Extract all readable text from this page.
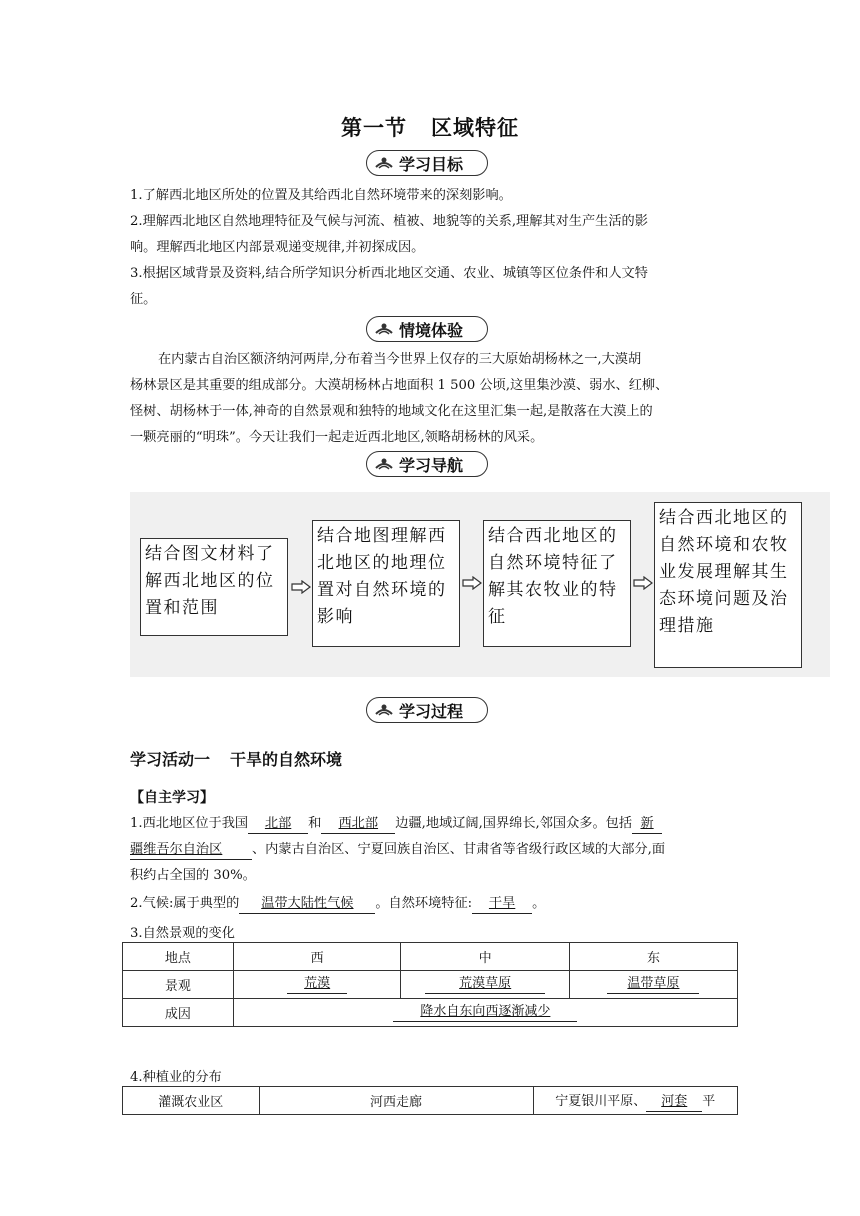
第一节 区域特征
学习目标
1.了解西北地区所处的位置及其给西北自然环境带来的深刻影响。
2.理解西北地区自然地理特征及气候与河流、植被、地貌等的关系,理解其对生产生活的影
响。理解西北地区内部景观递变规律,并初探成因。
3.根据区域背景及资料,结合所学知识分析西北地区交通、农业、城镇等区位条件和人文特
征。
情境体验
在内蒙古自治区额济纳河两岸,分布着当今世界上仅存的三大原始胡杨林之一,大漠胡
杨林景区是其重要的组成部分。大漠胡杨林占地面积 1 500 公顷,这里集沙漠、弱水、红柳、
怪树、胡杨林于一体,神奇的自然景观和独特的地域文化在这里汇集一起,是散落在大漠上的
一颗亮丽的“明珠”。今天让我们一起走近西北地区,领略胡杨林的风采。
学习导航
结合图文材料了
解西北地区的位
置和范围
结合地图理解西
北地区的地理位
置对自然环境的
影响
结合西北地区的
自然环境特征了
解其农牧业的特
征
结合西北地区的
自然环境和农牧
业发展理解其生
态环境问题及治
理措施
学习过程
学习活动一 干旱的自然环境
【自主学习】
1.西北地区位于我国 北部 和 西北部 边疆,地域辽阔,国界绵长,邻国众多。包括 新
疆维吾尔自治区 、内蒙古自治区、宁夏回族自治区、甘肃省等省级行政区域的大部分,面
积约占全国的 30%。
2.气候:属于典型的 温带大陆性气候 。自然环境特征: 干旱 。
3.自然景观的变化
地点	西	中	东
景观	荒漠	荒漠草原	温带草原
成因	降水自东向西逐渐减少		
4.种植业的分布
灌溉农业区	河西走廊	宁夏银川平原、 河套 平
